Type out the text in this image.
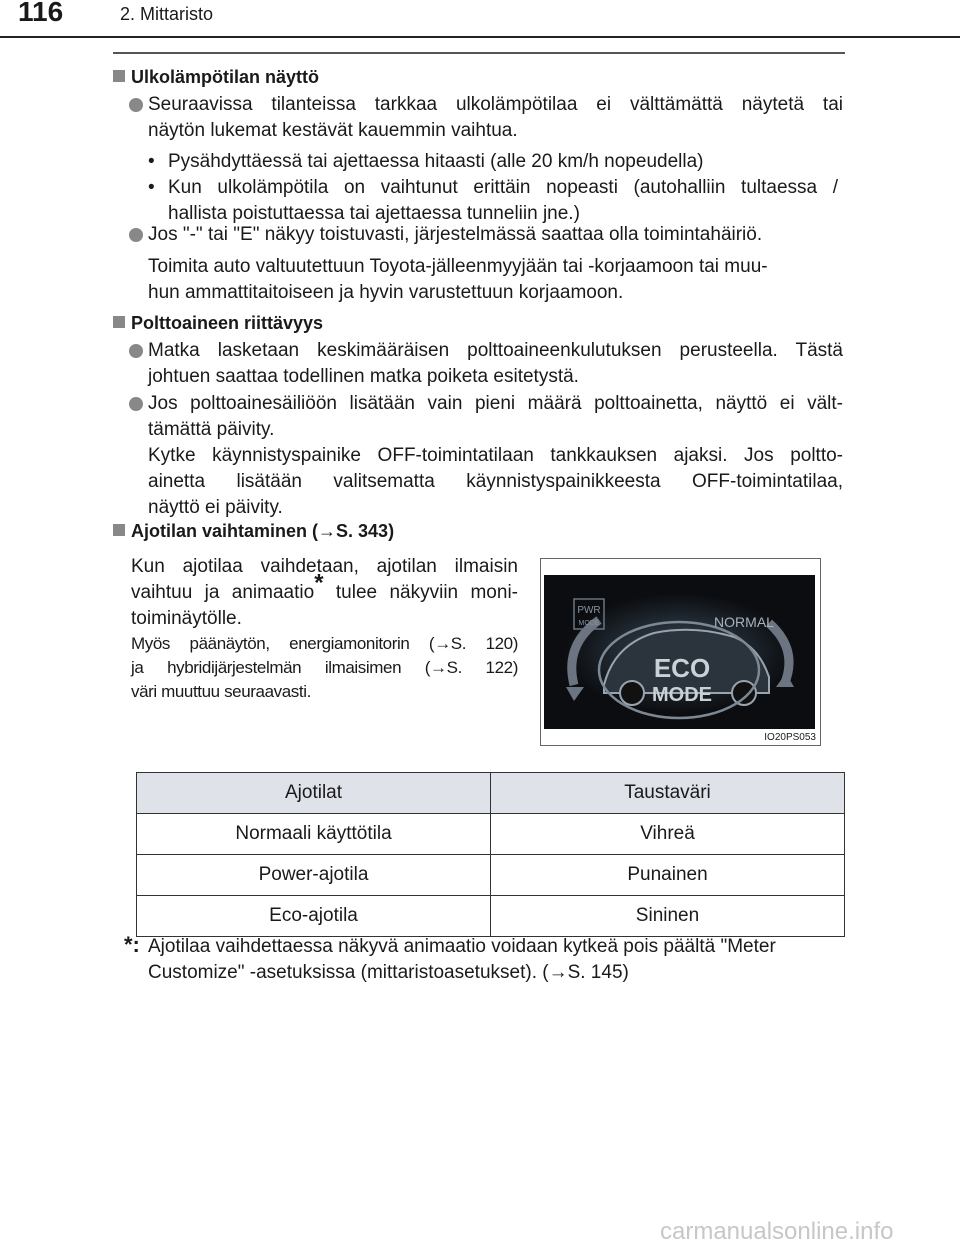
116	2. Mittaristo
Ulkolämpötilan näyttö
Seuraavissa tilanteissa tarkkaa ulkolämpötilaa ei välttämättä näytetä tai
näytön lukemat kestävät kauemmin vaihtua.
• Pysähdyttäessä tai ajettaessa hitaasti (alle 20 km/h nopeudella)
• Kun ulkolämpötila on vaihtunut erittäin nopeasti (autohalliin tultaessa /
hallista poistuttaessa tai ajettaessa tunneliin jne.)
Jos "-" tai "E" näkyy toistuvasti, järjestelmässä saattaa olla toimintahäiriö.
Toimita auto valtuutettuun Toyota-jälleenmyyjään tai -korjaamoon tai muu-
hun ammattitaitoiseen ja hyvin varustettuun korjaamoon.
Polttoaineen riittävyys
Matka lasketaan keskimääräisen polttoaineenkulutuksen perusteella. Tästä
johtuen saattaa todellinen matka poiketa esitetystä.
Jos polttoainesäiliöön lisätään vain pieni määrä polttoainetta, näyttö ei vält-
tämättä päivity.
Kytke käynnistyspainike OFF-toimintatilaan tankkauksen ajaksi. Jos poltto-
ainetta lisätään valitsematta käynnistyspainikkeesta OFF-toimintatilaa,
näyttö ei päivity.
Ajotilan vaihtaminen (→S. 343)
Kun ajotilaa vaihdetaan, ajotilan ilmaisin
vaihtuu ja animaatio* tulee näkyviin moni-
toiminäytölle.
Myös päänäytön, energiamonitorin (→S. 120)
ja hybridijärjestelmän ilmaisimen (→S. 122)
väri muuttuu seuraavasti.
PWR
MODE	NORMAL
ECO
MODE
IO20PS053
Ajotilat	Taustaväri
Normaali käyttötila	Vihreä
Power-ajotila	Punainen
Eco-ajotila	Sininen
*: Ajotilaa vaihdettaessa näkyvä animaatio voidaan kytkeä pois päältä "Meter
Customize" -asetuksissa (mittaristoasetukset). (→S. 145)
carmanualsonline.info
